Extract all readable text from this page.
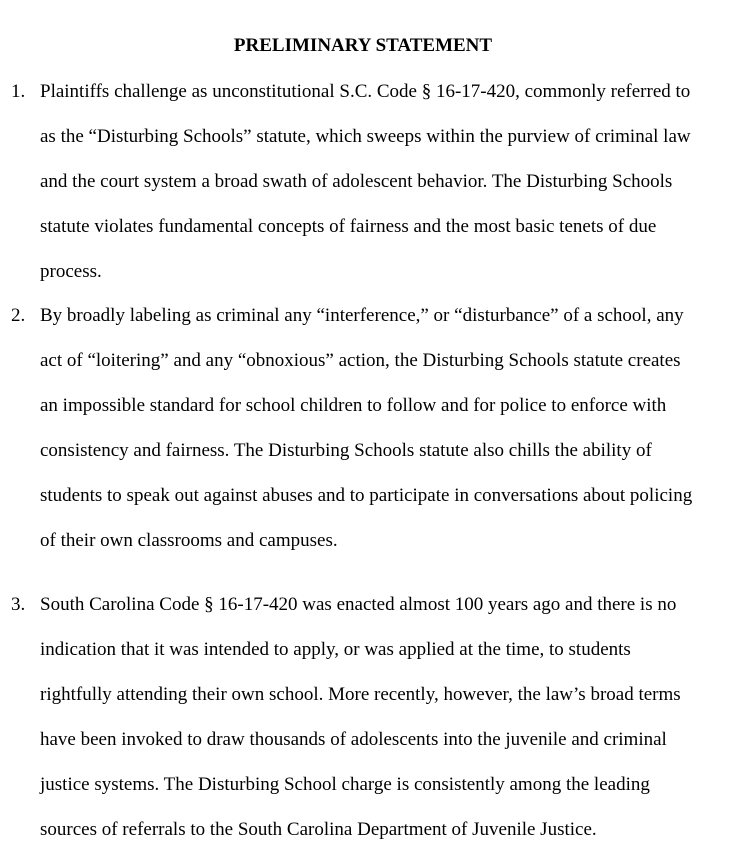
PRELIMINARY STATEMENT
1. Plaintiffs challenge as unconstitutional S.C. Code § 16-17-420, commonly referred to
as the “Disturbing Schools” statute, which sweeps within the purview of criminal law
and the court system a broad swath of adolescent behavior. The Disturbing Schools
statute violates fundamental concepts of fairness and the most basic tenets of due
process.
2. By broadly labeling as criminal any “interference,” or “disturbance” of a school, any
act of “loitering” and any “obnoxious” action, the Disturbing Schools statute creates
an impossible standard for school children to follow and for police to enforce with
consistency and fairness. The Disturbing Schools statute also chills the ability of
students to speak out against abuses and to participate in conversations about policing
of their own classrooms and campuses.
3. South Carolina Code § 16-17-420 was enacted almost 100 years ago and there is no
indication that it was intended to apply, or was applied at the time, to students
rightfully attending their own school. More recently, however, the law’s broad terms
have been invoked to draw thousands of adolescents into the juvenile and criminal
justice systems. The Disturbing School charge is consistently among the leading
sources of referrals to the South Carolina Department of Juvenile Justice.
